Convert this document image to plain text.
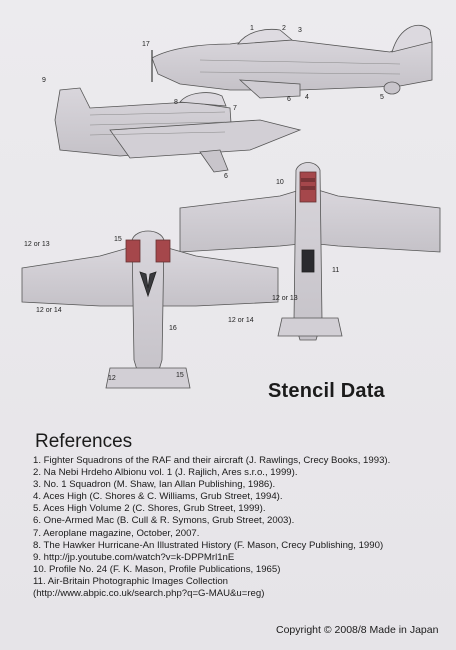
1	2 3
4	5
6
6
7
8
9
17
10
11
12
12 or 13
12 or 13
12 or 14
12 or 14
15
15
16
Stencil Data
References
1. Fighter Squadrons of the RAF and their aircraft (J. Rawlings, Crecy Books, 1993).
2. Na Nebi Hrdeho Albionu vol. 1 (J. Rajlich, Ares s.r.o., 1999).
3. No. 1 Squadron (M. Shaw, Ian Allan Publishing, 1986).
4. Aces High (C. Shores & C. Williams, Grub Street, 1994).
5. Aces High Volume 2 (C. Shores, Grub Street, 1999).
6. One-Armed Mac (B. Cull & R. Symons, Grub Street, 2003).
7. Aeroplane magazine, October, 2007.
8. The Hawker Hurricane-An Illustrated History (F. Mason, Crecy Publishing, 1990)
9. http://jp.youtube.com/watch?v=k-DPPMrl1nE
10. Profile No. 24 (F. K. Mason, Profile Publications, 1965)
11. Air-Britain Photographic Images Collection
(http://www.abpic.co.uk/search.php?q=G-MAU&u=reg)
Copyright © 2008/8 Made in Japan
